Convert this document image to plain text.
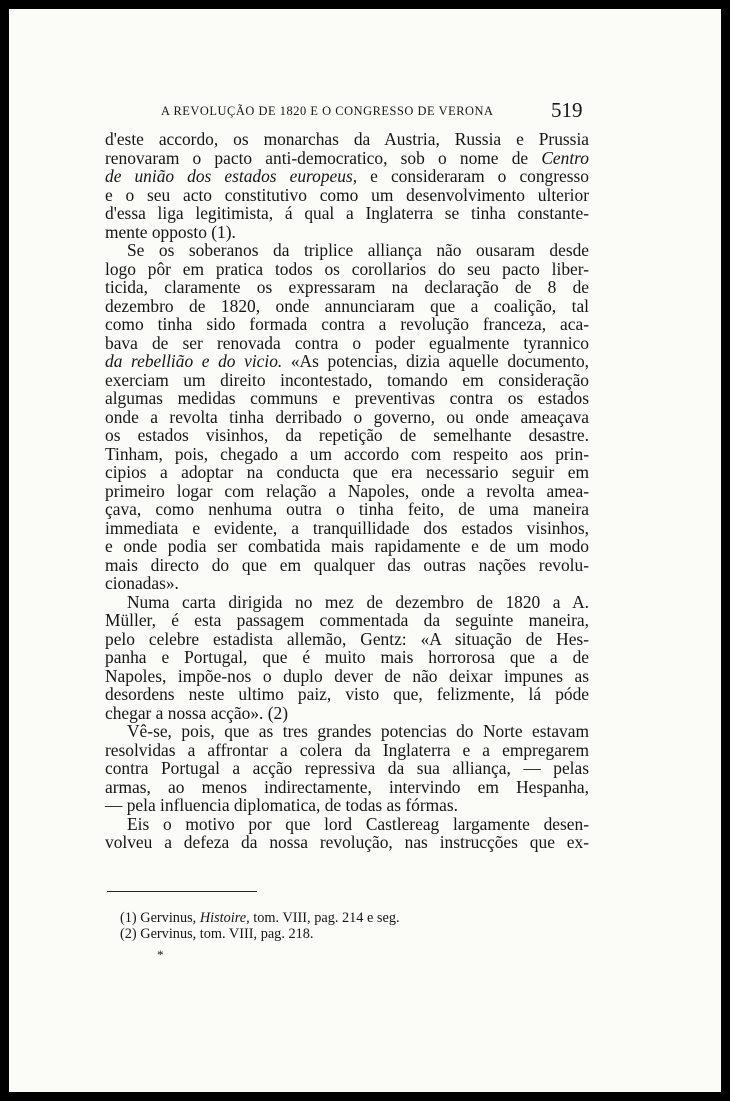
A REVOLUÇÃO DE 1820 E O CONGRESSO DE VERONA	519

d'este accordo, os monarchas da Austria, Russia e Prussia
renovaram o pacto anti-democratico, sob o nome de Centro
de união dos estados europeus, e consideraram o congresso
e o seu acto constitutivo como um desenvolvimento ulterior
d'essa liga legitimista, á qual a Inglaterra se tinha constante-
mente opposto (1).

Se os soberanos da triplice alliança não ousaram desde
logo pôr em pratica todos os corollarios do seu pacto liber-
ticida, claramente os expressaram na declaração de 8 de
dezembro de 1820, onde annunciaram que a coalição, tal
como tinha sido formada contra a revolução franceza, aca-
bava de ser renovada contra o poder egualmente tyrannico
da rebellião e do vicio. «As potencias, dizia aquelle documento,
exerciam um direito incontestado, tomando em consideração
algumas medidas communs e preventivas contra os estados
onde a revolta tinha derribado o governo, ou onde ameaçava
os estados visinhos, da repetição de semelhante desastre.
Tinham, pois, chegado a um accordo com respeito aos prin-
cipios a adoptar na conducta que era necessario seguir em
primeiro logar com relação a Napoles, onde a revolta amea-
çava, como nenhuma outra o tinha feito, de uma maneira
immediata e evidente, a tranquillidade dos estados visinhos,
e onde podia ser combatida mais rapidamente e de um modo
mais directo do que em qualquer das outras nações revolu-
cionadas».

Numa carta dirigida no mez de dezembro de 1820 a A.
Müller, é esta passagem commentada da seguinte maneira,
pelo celebre estadista allemão, Gentz: «A situação de Hes-
panha e Portugal, que é muito mais horrorosa que a de
Napoles, impõe-nos o duplo dever de não deixar impunes as
desordens neste ultimo paiz, visto que, felizmente, lá póde
chegar a nossa acção». (2)

Vê-se, pois, que as tres grandes potencias do Norte estavam
resolvidas a affrontar a colera da Inglaterra e a empregarem
contra Portugal a acção repressiva da sua alliança, — pelas
armas, ao menos indirectamente, intervindo em Hespanha,
— pela influencia diplomatica, de todas as fórmas.

Eis o motivo por que lord Castlereag largamente desen-
volveu a defeza da nossa revolução, nas instrucções que ex-

(1) Gervinus, Histoire, tom. VIII, pag. 214 e seg.
(2) Gervinus, tom. VIII, pag. 218.
*
